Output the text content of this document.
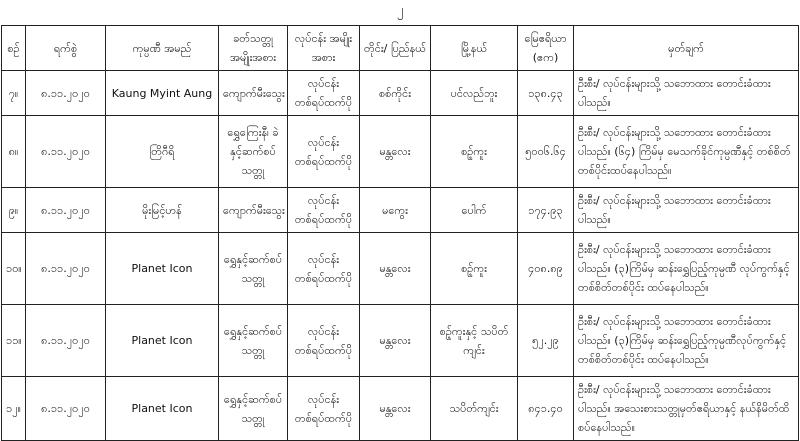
၂
စဉ်	ရက်စွဲ	ကုမ္ပဏီ အမည်	ခတ်သတ္တု အမျိုးအစား	လုပ်ငန်း အမျိုးအစား	တိုင်း/ ပြည်နယ်	မြို့နယ်	မြေဧရိယာ (ဧက)	မှတ်ချက်
၇။	၈.၁၁.၂၀၂၀	Kaung Myint Aung	ကျောက်မီးသွေး	လုပ်ငန်း တစ်ရပ်ထက်ပို	စစ်ကိုင်း	ပင်လည်ဘူး	၁၃၈.၄၃	ဦးစီး/ လုပ်ငန်းများသို့ သဘောထား တောင်းခံထားပါသည်။
၈။	၈.၁၁.၂၀၂၀	တြိဂီရိ	ရွှေကြေးနီ၊ ခဲနှင့်ဆက်စပ် သတ္တု	လုပ်ငန်း တစ်ရပ်ထက်ပို	မန္တလေး	စဉ့်ကူး	၅၀၀၆.၆၄	ဦးစီး/ လုပ်ငန်းများသို့ သဘောထား တောင်းခံထားပါသည်။ (၆၄) ကြိမ်မှ မေသက်ခိုင်ကုမ္ပဏီနှင့် တစ်စိတ်တစ်ပိုင်းထပ်နေပါသည်။
၉။	၈.၁၁.၂၀၂၀	မိုးမြင့်ဟန်	ကျောက်မီးသွေး	လုပ်ငန်း တစ်ရပ်ထက်ပို	မကွေး	ပေါက်	၁၇၄.၉၃	ဦးစီး/ လုပ်ငန်းများသို့ သဘောထား တောင်းခံထားပါသည်။
၁၀။	၈.၁၁.၂၀၂၀	Planet Icon	ရွှေနှင့်ဆက်စပ် သတ္တု	လုပ်ငန်း တစ်ရပ်ထက်ပို	မန္တလေး	စဉ့်ကူး	၄၀၈.၈၉	ဦးစီး/ လုပ်ငန်းများသို့ သဘောထား တောင်းခံထားပါသည်။ (၃)ကြိမ်မှ ဆန်းရွှေပြည့်ကုမ္ပဏီ လုပ်ကွက်နှင့် တစ်စိတ်တစ်ပိုင်း ထပ်နေပါသည်။
၁၁။	၈.၁၁.၂၀၂၀	Planet Icon	ရွှေနှင့်ဆက်စပ် သတ္တု	လုပ်ငန်း တစ်ရပ်ထက်ပို	မန္တလေး	စဉ့်ကူးနှင့် သပိတ်ကျင်း	၅၂.၂၉	ဦးစီး/ လုပ်ငန်းများသို့ သဘောထား တောင်းခံထားပါသည်။ (၃)ကြိမ်မှ ဆန်းရွှေပြည့်ကုမ္ပဏီလုပ်ကွက်နှင့် တစ်စိတ်တစ်ပိုင်း ထပ်နေပါသည်။
၁၂။	၈.၁၁.၂၀၂၀	Planet Icon	ရွှေနှင့်ဆက်စပ် သတ္တု	လုပ်ငန်း တစ်ရပ်ထက်ပို	မန္တလေး	သပိတ်ကျင်း	၈၄၁.၄၀	ဦးစီး/ လုပ်ငန်းများသို့ သဘောထား တောင်းခံထားပါသည်။ အသေးစားသတ္တုမှတ်ဧရိယာနှင့် နယ်နိမိတ်ထိစပ်နေပါသည်။
